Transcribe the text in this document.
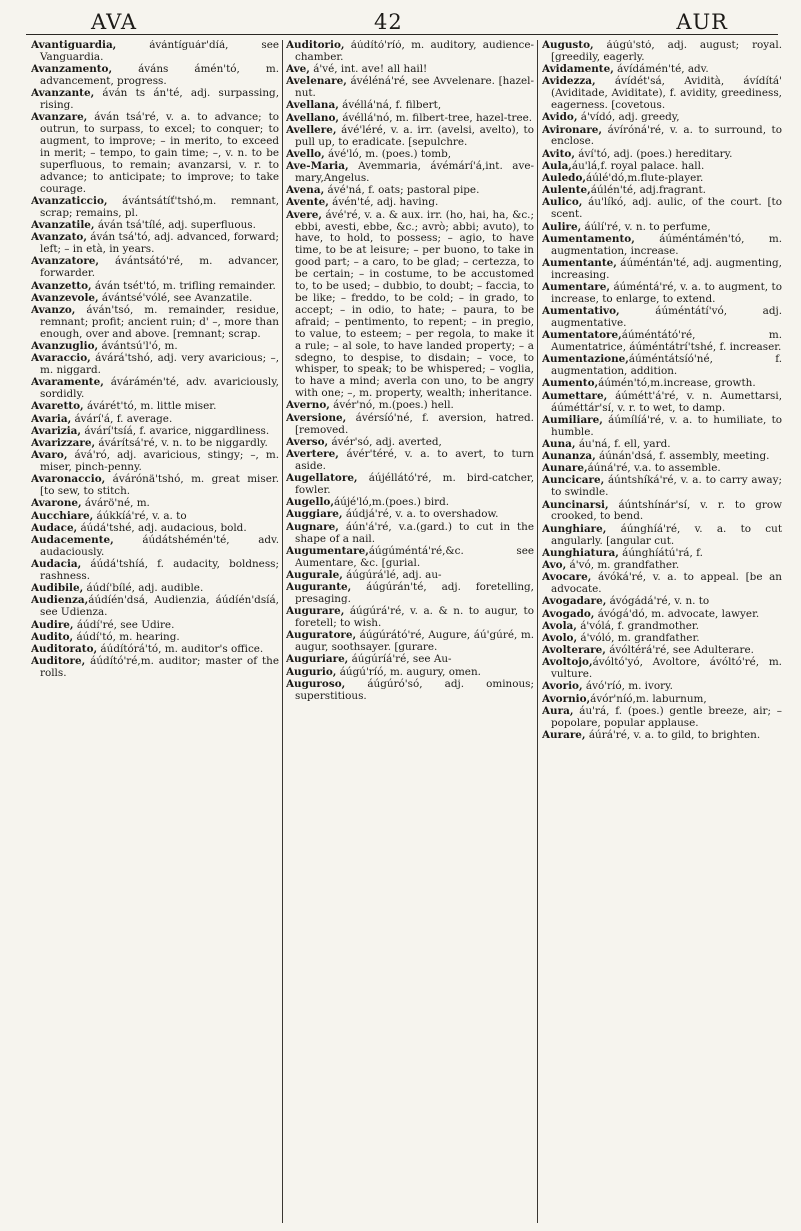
AVA	42	AUR
Avantiguardia, ávántíguár'díá, see Vanguardia.
Avanzamento, áváns ámén'tó, m. advancement, progress.
Avanzante, áván ts án'té, adj. surpassing, rising.
Avanzare, áván tsá'ré, v. a. to advance; to outrun, to surpass, to excel; to conquer; to augment, to improve; – in merito, to exceed in merit; – tempo, to gain time; –, v. n. to be superfluous, to remain; avanzarsi, v. r. to advance; to anticipate; to improve; to take courage.
Avanzaticcio, ávántsátíť'tshó,m. remnant, scrap; remains, pl.
Avanzatile, áván tsá'tílé, adj. superfluous.
Avanzato, áván tsá'tó, adj. advanced, forward; left; – in età, in years.
Avanzatore, ávántsátó'ré, m. advancer, forwarder.
Avanzetto, áván tsét'tó, m. trifling remainder.
Avanzevole, ávántsé'vólé, see Avanzatile.
Avanzo, áván'tsó, m. remainder, residue, remnant; profit; ancient ruin; d' –, more than enough, over and above. [remnant; scrap.
Avanzuglio, ávántsú'l'ó, m.
Avaraccio, ávárá'tshó, adj. very avaricious; –, m. niggard.
Avaramente, ávárámén'té, adv. avariciously, sordidly.
Avaretto, ávárét'tó, m. little miser.
Avaria, ávárí'á, f. average.
Avarizia, ávárí'tsíá, f. avarice, niggardliness.
Avarizzare, ávárítsá'ré, v. n. to be niggardly.
Avaro, ává'ró, adj. avaricious, stingy; –, m. miser, pinch-penny.
Avaronaccio, ávárónä'tshó, m. great miser. [to sew, to stitch.
Avarone, ávárö'né, m.
Aucchiare, áúkkíá'ré, v. a. to
Audace, áúdá'tshé, adj. audacious, bold.
Audacemente, áúdátshémén'té, adv. audaciously.
Audacia, áúdá'tshíá, f. audacity, boldness; rashness.
Audibile, áúdí'bílé, adj. audible.
Audienza,áúdíén'dsá, Audienzia, áúdíén'dsíá, see Udienza.
Audire, áúdí'ré, see Udire.
Audito, áúdí'tó, m. hearing.
Auditorato, áúdítórá'tó, m. auditor's office.
Auditore, áúdító'ré,m. auditor; master of the rolls.
Auditorio, áúdító'ríó, m. auditory, audience-chamber.
Ave, á'vé, int. ave! all hail!
Avelenare, ávéléná'ré, see Avvelenare. [hazel-nut.
Avellana, ávéllá'ná, f. filbert,
Avellano, ávéllá'nó, m. filbert-tree, hazel-tree.
Avellere, ávé'léré, v. a. irr. (avelsi, avelto), to pull up, to eradicate. [sepulchre.
Avello, ávé'ló, m. (poes.) tomb,
Ave-Maria, Avemmaria, ávémárí'á,int. ave-mary,Angelus.
Avena, ávé'ná, f. oats; pastoral pipe.
Avente, ávén'té, adj. having.
Avere, ávé'ré, v. a. & aux. irr. (ho, hai, ha, &c.; ebbi, avesti, ebbe, &c.; avrò; abbi; avuto), to have, to hold, to possess; – agio, to have time, to be at leisure; – per buono, to take in good part; – a caro, to be glad; – certezza, to be certain; – in costume, to be accustomed to, to be used; – dubbio, to doubt; – faccia, to be like; – freddo, to be cold; – in grado, to accept; – in odio, to hate; – paura, to be afraid; – pentimento, to repent; – in pregio, to value, to esteem; – per regola, to make it a rule; – al sole, to have landed property; – a sdegno, to despise, to disdain; – voce, to whisper, to speak; to be whispered; – voglia, to have a mind; averla con uno, to be angry with one; –, m. property, wealth; inheritance.
Averno, ávér'nó, m.(poes.) hell.
Aversione, ávérsíó'né, f. aversion, hatred. [removed.
Averso, ávér'só, adj. averted,
Avertere, ávér'téré, v. a. to avert, to turn aside.
Augellatore, áújéllátó'ré, m. bird-catcher, fowler.
Augello,áújé'ló,m.(poes.) bird.
Auggiare, áúdjá'ré, v. a. to overshadow.
Augnare, áún'á'ré, v.a.(gard.) to cut in the shape of a nail.
Augumentare,áúgúméntá'ré,&c. see Aumentare, &c. [gurial.
Augurale, áúgúrá'lé, adj. au-
Augurante, áúgúrán'té, adj. foretelling, presaging.
Augurare, áúgúrá'ré, v. a. & n. to augur, to foretell; to wish.
Auguratore, áúgúrátó'ré, Augure, áú'gúré, m. augur, soothsayer. [gurare.
Auguriare, áúgúríá'ré, see Au-
Augurio, áúgú'ríó, m. augury, omen.
Auguroso, áúgúró'só, adj. ominous; superstitious.
Augusto, áúgú'stó, adj. august; royal. [greedily, eagerly.
Avidamente, ávídámén'té, adv.
Avidezza, ávídét'sá, Avidità, ávídítá' (Aviditade, Aviditate), f. avidity, greediness, eagerness. [covetous.
Avido, á'vídó, adj. greedy,
Avironare, ávíróná'ré, v. a. to surround, to enclose.
Avito, áví'tó, adj. (poes.) hereditary.
Aula,áu'lá,f. royal palace. hall.
Auledo,áúlé'dó,m.flute-player.
Aulente,áúlén'té, adj.fragrant.
Aulico, áu'líkó, adj. aulic, of the court. [to scent.
Aulire, áúlí'ré, v. n. to perfume,
Aumentamento, áúméntámén'tó, m. augmentation, increase.
Aumentante, áúméntán'té, adj. augmenting, increasing.
Aumentare, áúméntá'ré, v. a. to augment, to increase, to enlarge, to extend.
Aumentativo, áúméntátí'vó, adj. augmentative.
Aumentatore,áúméntátó'ré, m. Aumentatrice, áúméntátrí'tshé, f. increaser.
Aumentazione,áúméntátsíó'né, f. augmentation, addition.
Aumento,áúmén'tó,m.increase, growth.
Aumettare, áúmétt'á'ré, v. n. Aumettarsi, áúméttár'sí, v. r. to wet, to damp.
Aumiliare, áúmílíá'ré, v. a. to humiliate, to humble.
Auna, áu'ná, f. ell, yard.
Aunanza, áúnán'dsá, f. assembly, meeting.
Aunare,áúná'ré, v.a. to assemble.
Auncicare, áúntshíká'ré, v. a. to carry away; to swindle.
Auncinarsi, áúntshínár'sí, v. r. to grow crooked, to bend.
Aunghiare, áúnghíá'ré, v. a. to cut angularly. [angular cut.
Aunghiatura, áúnghíátú'rá, f.
Avo, á'vó, m. grandfather.
Avocare, ávóká'ré, v. a. to appeal. [be an advocate.
Avogadare, ávógádá'ré, v. n. to
Avogado, ávógá'dó, m. advocate, lawyer.
Avola, á'vólá, f. grandmother.
Avolo, á'vóló, m. grandfather.
Avolterare, ávóltérá'ré, see Adulterare.
Avoltojo,ávóltó'yó, Avoltore, ávóltó'ré, m. vulture.
Avorio, ávó'ríó, m. ivory.
Avornio,ávór'níó,m. laburnum,
Aura, áu'rá, f. (poes.) gentle breeze, air; – popolare, popular applause.
Aurare, áúrá'ré, v. a. to gild, to brighten.
